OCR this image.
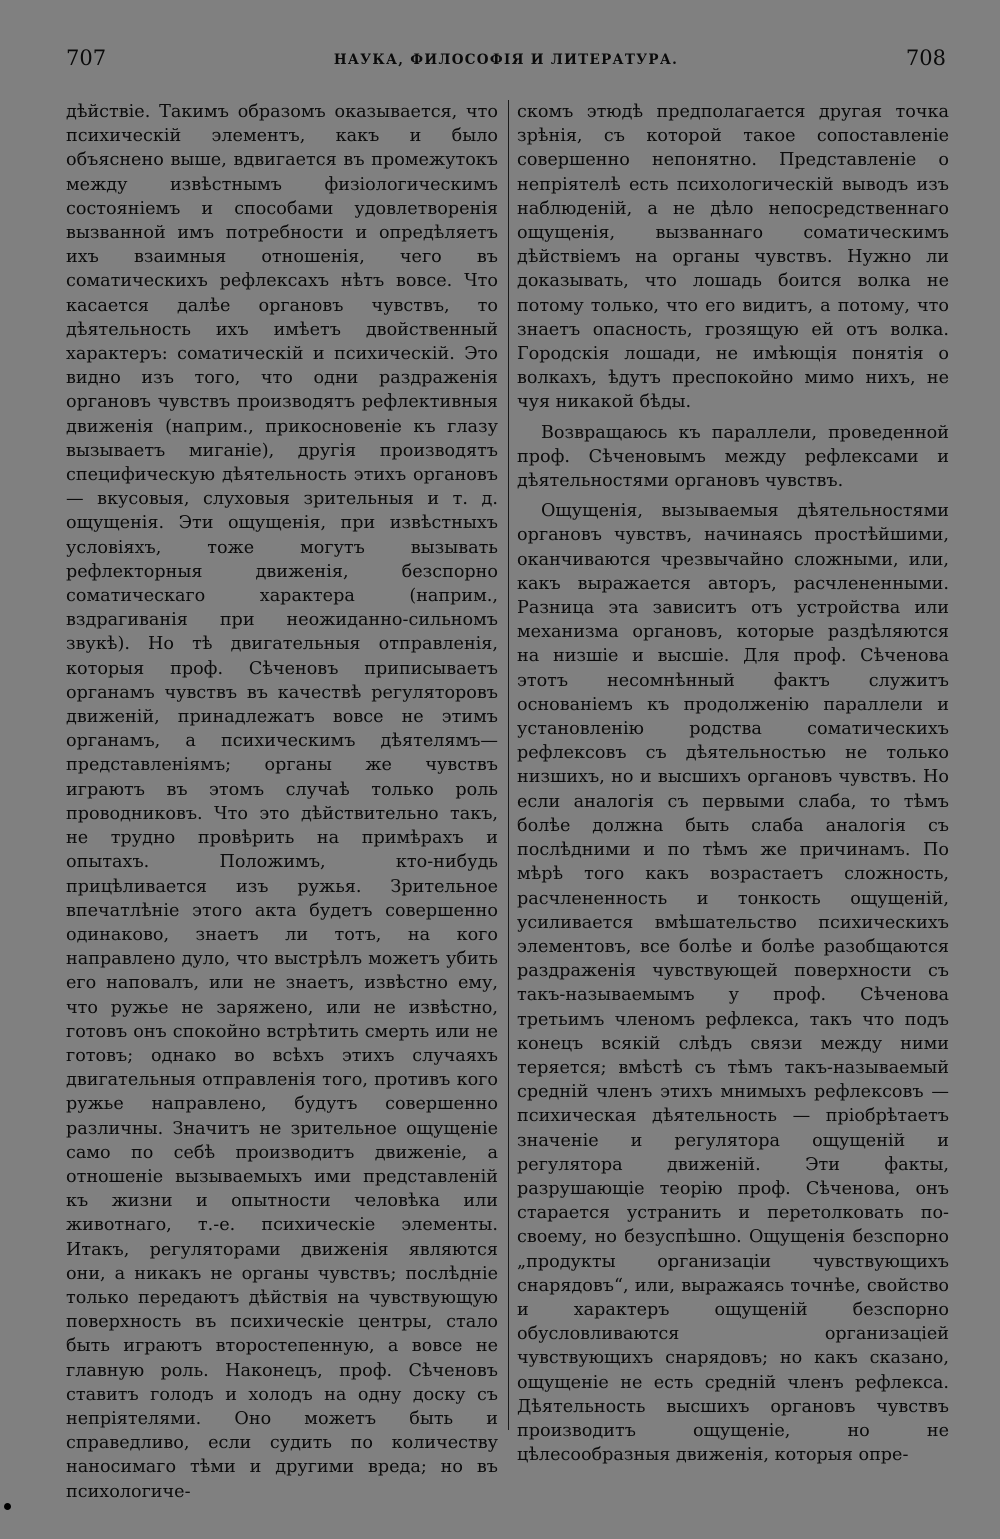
707	НАУКА, ФИЛОСОФІЯ И ЛИТЕРАТУРА.	708

дѣйствіе. Такимъ образомъ оказывается, что психическій элементъ, какъ и было объяснено выше, вдвигается въ промежутокъ между извѣстнымъ физіологическимъ состояніемъ и способами удовлетворенія вызванной имъ потребности и опредѣляетъ ихъ взаимныя отношенія, чего въ соматическихъ рефлексахъ нѣтъ вовсе. Что касается далѣе органовъ чувствъ, то дѣятельность ихъ имѣетъ двойственный характеръ: соматическій и психическій. Это видно изъ того, что одни раздраженія органовъ чувствъ производятъ рефлективныя движенія (наприм., прикосновеніе къ глазу вызываетъ миганіе), другія производятъ специфическую дѣятельность этихъ органовъ — вкусовыя, слуховыя зрительныя и т. д. ощущенія. Эти ощущенія, при извѣстныхъ условіяхъ, тоже могутъ вызывать рефлекторныя движенія, безспорно соматическаго характера (наприм., вздрагиванія при неожиданно-сильномъ звукѣ). Но тѣ двигательныя отправленія, которыя проф. Сѣченовъ приписываетъ органамъ чувствъ въ качествѣ регуляторовъ движеній, принадлежатъ вовсе не этимъ органамъ, а психическимъ дѣятелямъ—представленіямъ; органы же чувствъ играютъ въ этомъ случаѣ только роль проводниковъ. Что это дѣйствительно такъ, не трудно провѣрить на примѣрахъ и опытахъ. Положимъ, кто-нибудь прицѣливается изъ ружья. Зрительное впечатлѣніе этого акта будетъ совершенно одинаково, знаетъ ли тотъ, на кого направлено дуло, что выстрѣлъ можетъ убить его наповалъ, или не знаетъ, извѣстно ему, что ружье не заряжено, или не извѣстно, готовъ онъ спокойно встрѣтить смерть или не готовъ; однако во всѣхъ этихъ случаяхъ двигательныя отправленія того, противъ кого ружье направлено, будутъ совершенно различны. Значитъ не зрительное ощущеніе само по себѣ производитъ движеніе, а отношеніе вызываемыхъ ими представленій къ жизни и опытности человѣка или животнаго, т.-е. психическіе элементы. Итакъ, регуляторами движенія являются они, а никакъ не органы чувствъ; послѣдніе только передаютъ дѣйствія на чувствующую поверхность въ психическіе центры, стало быть играютъ второстепенную, а вовсе не главную роль. Наконецъ, проф. Сѣченовъ ставитъ голодъ и холодъ на одну доску съ непріятелями. Оно можетъ быть и справедливо, если судить по количеству наносимаго тѣми и другими вреда; но въ психологиче-

скомъ этюдѣ предполагается другая точка зрѣнія, съ которой такое сопоставленіе совершенно непонятно. Представленіе о непріятелѣ есть психологическій выводъ изъ наблюденій, а не дѣло непосредственнаго ощущенія, вызваннаго соматическимъ дѣйствіемъ на органы чувствъ. Нужно ли доказывать, что лошадь боится волка не потому только, что его видитъ, а потому, что знаетъ опасность, грозящую ей отъ волка. Городскія лошади, не имѣющія понятія о волкахъ, ѣдутъ преспокойно мимо нихъ, не чуя никакой бѣды.

Возвращаюсь къ параллели, проведенной проф. Сѣченовымъ между рефлексами и дѣятельностями органовъ чувствъ.

Ощущенія, вызываемыя дѣятельностями органовъ чувствъ, начинаясь простѣйшими, оканчиваются чрезвычайно сложными, или, какъ выражается авторъ, расчлененными. Разница эта зависитъ отъ устройства или механизма органовъ, которые раздѣляются на низшіе и высшіе. Для проф. Сѣченова этотъ несомнѣнный фактъ служитъ основаніемъ къ продолженію параллели и установленію родства соматическихъ рефлексовъ съ дѣятельностью не только низшихъ, но и высшихъ органовъ чувствъ. Но если аналогія съ первыми слаба, то тѣмъ болѣе должна быть слаба аналогія съ послѣдними и по тѣмъ же причинамъ. По мѣрѣ того какъ возрастаетъ сложность, расчлененность и тонкость ощущеній, усиливается вмѣшательство психическихъ элементовъ, все болѣе и болѣе разобщаются раздраженія чувствующей поверхности съ такъ-называемымъ у проф. Сѣченова третьимъ членомъ рефлекса, такъ что подъ конецъ всякій слѣдъ связи между ними теряется; вмѣстѣ съ тѣмъ такъ-называемый средній членъ этихъ мнимыхъ рефлексовъ — психическая дѣятельность — пріобрѣтаетъ значеніе и регулятора ощущеній и регулятора движеній. Эти факты, разрушающіе теорію проф. Сѣченова, онъ старается устранить и перетолковать по-своему, но безуспѣшно. Ощущенія безспорно „продукты организаціи чувствующихъ снарядовъ“, или, выражаясь точнѣе, свойство и характеръ ощущеній безспорно обусловливаются организаціей чувствующихъ снарядовъ; но какъ сказано, ощущеніе не есть средній членъ рефлекса. Дѣятельность высшихъ органовъ чувствъ производитъ ощущеніе, но не цѣлесообразныя движенія, которыя опре-
